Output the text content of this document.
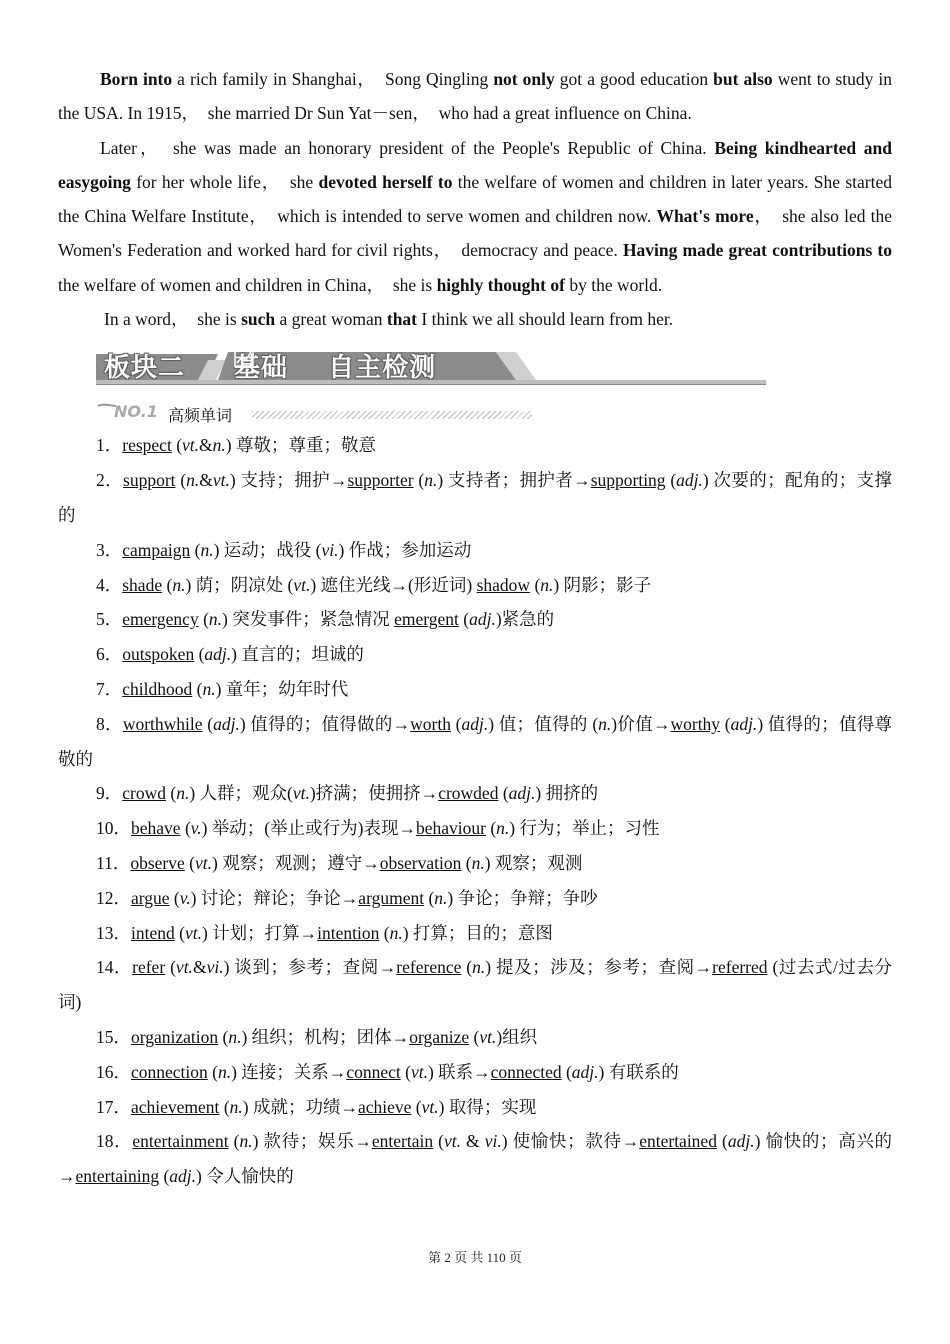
Born into a rich family in Shanghai，　Song Qingling not only got a good education but also went to study in the USA. In 1915，　she married Dr Sun Yat－sen，　who had a great influence on China.

Later，　she was made an honorary president of the People's Republic of China. Being kindhearted and easygoing for her whole life，　she devoted herself to the welfare of women and children in later years. She started the China Welfare Institute，　which is intended to serve women and children now. What's more，　she also led the Women's Federation and worked hard for civil rights，　democracy and peace. Having made great contributions to the welfare of women and children in China，　she is highly thought of by the world.

In a word，　she is such a great woman that I think we all should learn from her.

板块二 基础 自主检测
NO.1 高频单词

1．respect (vt.&n.) 尊敬；尊重；敬意

2．support (n.&vt.) 支持；拥护→supporter (n.) 支持者；拥护者→supporting (adj.) 次要的；配角的；支撑的

3．campaign (n.) 运动；战役 (vi.) 作战；参加运动

4．shade (n.) 荫；阴凉处 (vt.) 遮住光线→(形近词) shadow (n.) 阴影；影子

5．emergency (n.) 突发事件；紧急情况 emergent (adj.)紧急的

6．outspoken (adj.) 直言的；坦诚的

7．childhood (n.) 童年；幼年时代

8．worthwhile (adj.) 值得的；值得做的→worth (adj.) 值；值得的 (n.)价值→worthy (adj.) 值得的；值得尊敬的

9．crowd (n.) 人群；观众(vt.)挤满；使拥挤→crowded (adj.) 拥挤的

10．behave (v.) 举动；(举止或行为)表现→behaviour (n.) 行为；举止；习性

11．observe (vt.) 观察；观测；遵守→observation (n.) 观察；观测

12．argue (v.) 讨论；辩论；争论→argument (n.) 争论；争辩；争吵

13．intend (vt.) 计划；打算→intention (n.) 打算；目的；意图

14．refer (vt.&vi.) 谈到；参考；查阅→reference (n.) 提及；涉及；参考；查阅→referred (过去式/过去分词)

15．organization (n.) 组织；机构；团体→organize (vt.)组织

16．connection (n.) 连接；关系→connect (vt.) 联系→connected (adj.) 有联系的

17．achievement (n.) 成就；功绩→achieve (vt.) 取得；实现

18．entertainment (n.) 款待；娱乐→entertain (vt. & vi.) 使愉快；款待→entertained (adj.) 愉快的；高兴的→entertaining (adj.) 令人愉快的

第 2 页 共 110 页
